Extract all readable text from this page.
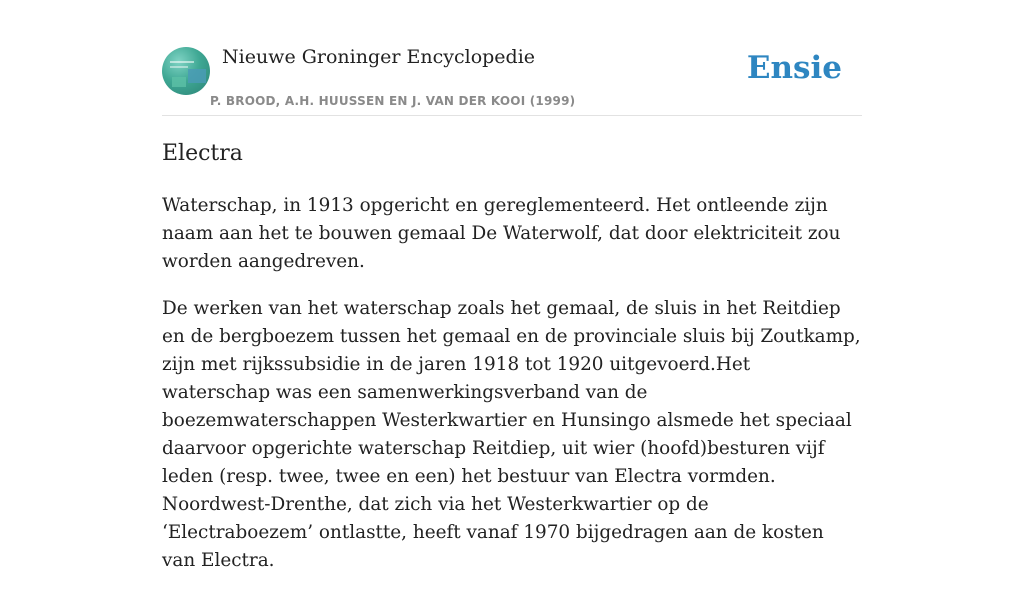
Nieuwe Groninger Encyclopedie
P. BROOD, A.H. HUUSSEN EN J. VAN DER KOOI (1999)
Ensie
Electra

Waterschap, in 1913 opgericht en gereglementeerd. Het ontleende zijn naam aan het te bouwen gemaal De Waterwolf, dat door elektriciteit zou worden aangedreven.

De werken van het waterschap zoals het gemaal, de sluis in het Reitdiep en de bergboezem tussen het gemaal en de provinciale sluis bij Zoutkamp, zijn met rijkssubsidie in de jaren 1918 tot 1920 uitgevoerd.Het waterschap was een samenwerkingsverband van de boezemwaterschappen Westerkwartier en Hunsingo alsmede het speciaal daarvoor opgerichte waterschap Reitdiep, uit wier (hoofd)besturen vijf leden (resp. twee, twee en een) het bestuur van Electra vormden. Noordwest-Drenthe, dat zich via het Westerkwartier op de ‘Electraboezem’ ontlastte, heeft vanaf 1970 bijgedragen aan de kosten van Electra.
